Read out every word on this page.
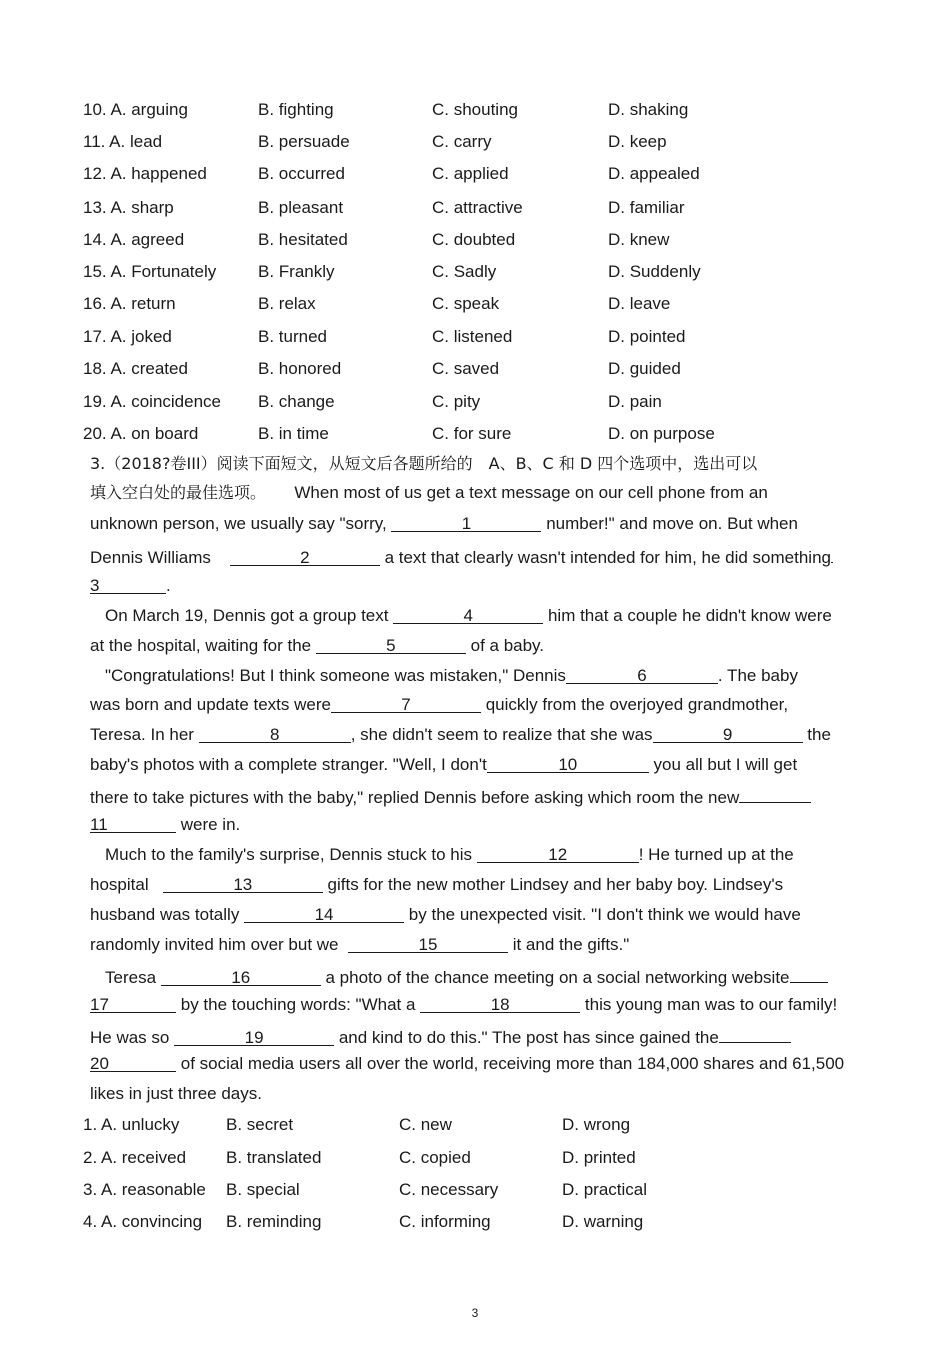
10. A. arguing	B. fighting	C. shouting	D. shaking
11. A. lead	B. persuade	C. carry	D. keep
12. A. happened	B. occurred	C. applied	D. appealed
13. A. sharp	B. pleasant	C. attractive	D. familiar
14. A. agreed	B. hesitated	C. doubted	D. knew
15. A. Fortunately B. Frankly	C. Sadly	D. Suddenly
16. A. return	B. relax	C. speak	D. leave
17. A. joked	B. turned	C. listened	D. pointed
18. A. created	B. honored	C. saved	D. guided
19. A. coincidence B. change	C. pity	D. pain
20. A. on board	B. in time	C. for sure	D. on purpose
3.（2018?卷III）阅读下面短文，从短文后各题所给的　A、B、C 和 D 四个选项中，选出可以
填入空白处的最佳选项。 When most of us get a text message on our cell phone from an
unknown person, we usually say "sorry,	1	number!" and move on. But when
Dennis Williams	2	a text that clearly wasn't intended for him, he did something
3	.
On March 19, Dennis got a group text	4	him that a couple he didn't know were
at the hospital, waiting for the	5	of a baby.
"Congratulations! But I think someone was mistaken," Dennis	6	. The baby
was born and update texts were	7	quickly from the overjoyed grandmother,
Teresa. In her	8	, she didn't seem to realize that she was	9	the
baby's photos with a complete stranger. "Well, I don't	10	you all but I will get
there to take pictures with the baby," replied Dennis before asking which room the new
11	were in.
Much to the family's surprise, Dennis stuck to his	12	! He turned up at the
hospital	13	gifts for the new mother Lindsey and her baby boy. Lindsey's
husband was totally	14	by the unexpected visit. "I don't think we would have
randomly invited him over but we	15	it and the gifts."
Teresa	16	a photo of the chance meeting on a social networking website
17	by the touching words: "What a	18	this young man was to our family!
He was so	19	and kind to do this." The post has since gained the
20	of social media users all over the world, receiving more than 184,000 shares and 61,500
likes in just three days.
1. A. unlucky	B. secret	C. new	D. wrong
2. A. received B. translated	C. copied	D. printed
3. A. reasonable B. special	C. necessary	D. practical
4. A. convincing B. reminding	C. informing	D. warning
3
